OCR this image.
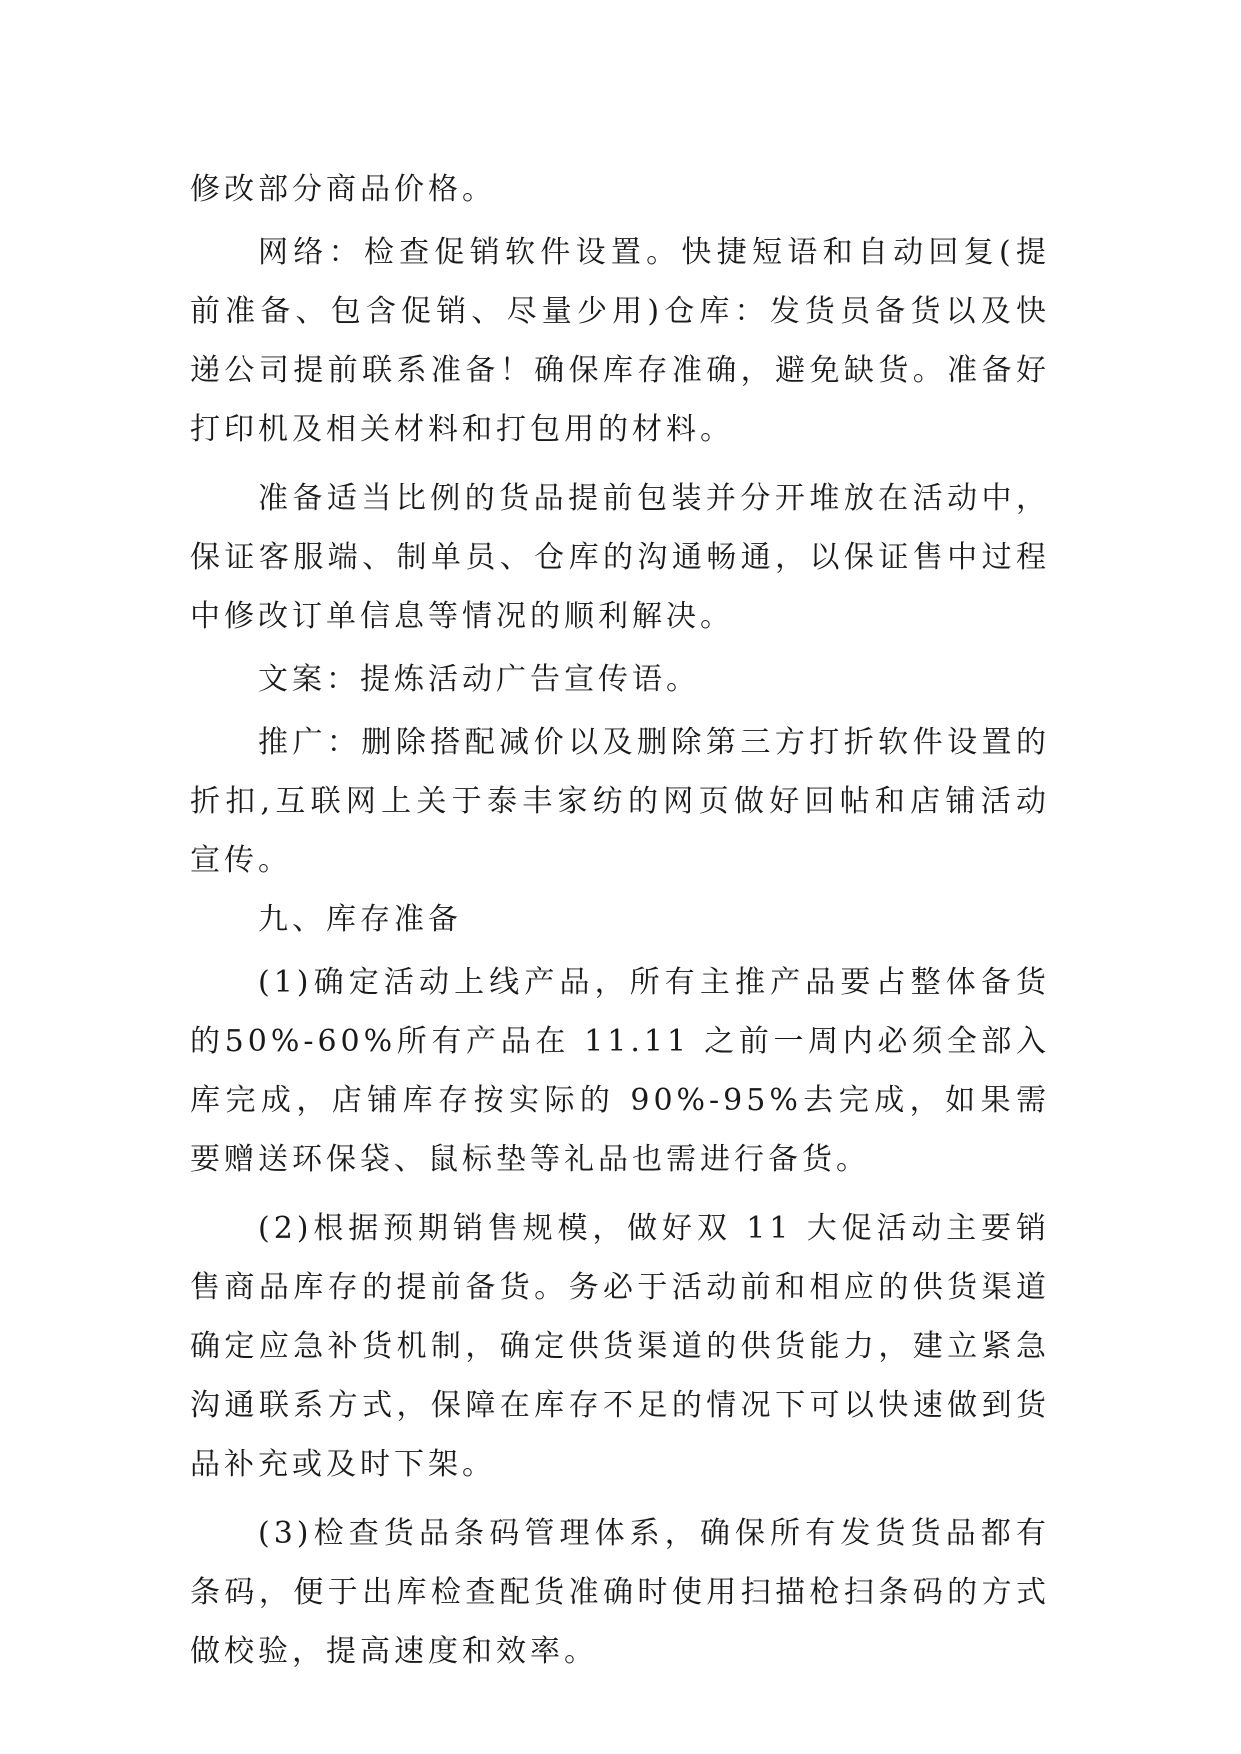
修改部分商品价格。

网络：检查促销软件设置。快捷短语和自动回复(提前准备、包含促销、尽量少用)仓库：发货员备货以及快递公司提前联系准备！确保库存准确，避免缺货。准备好打印机及相关材料和打包用的材料。

准备适当比例的货品提前包装并分开堆放在活动中，保证客服端、制单员、仓库的沟通畅通，以保证售中过程中修改订单信息等情况的顺利解决。

文案：提炼活动广告宣传语。

推广：删除搭配减价以及删除第三方打折软件设置的折扣,互联网上关于泰丰家纺的网页做好回帖和店铺活动宣传。

九、库存准备

(1)确定活动上线产品，所有主推产品要占整体备货的50%-60%所有产品在 11.11 之前一周内必须全部入库完成，店铺库存按实际的 90%-95%去完成，如果需要赠送环保袋、鼠标垫等礼品也需进行备货。

(2)根据预期销售规模，做好双 11 大促活动主要销售商品库存的提前备货。务必于活动前和相应的供货渠道确定应急补货机制，确定供货渠道的供货能力，建立紧急沟通联系方式，保障在库存不足的情况下可以快速做到货品补充或及时下架。

(3)检查货品条码管理体系，确保所有发货货品都有条码，便于出库检查配货准确时使用扫描枪扫条码的方式做校验，提高速度和效率。
